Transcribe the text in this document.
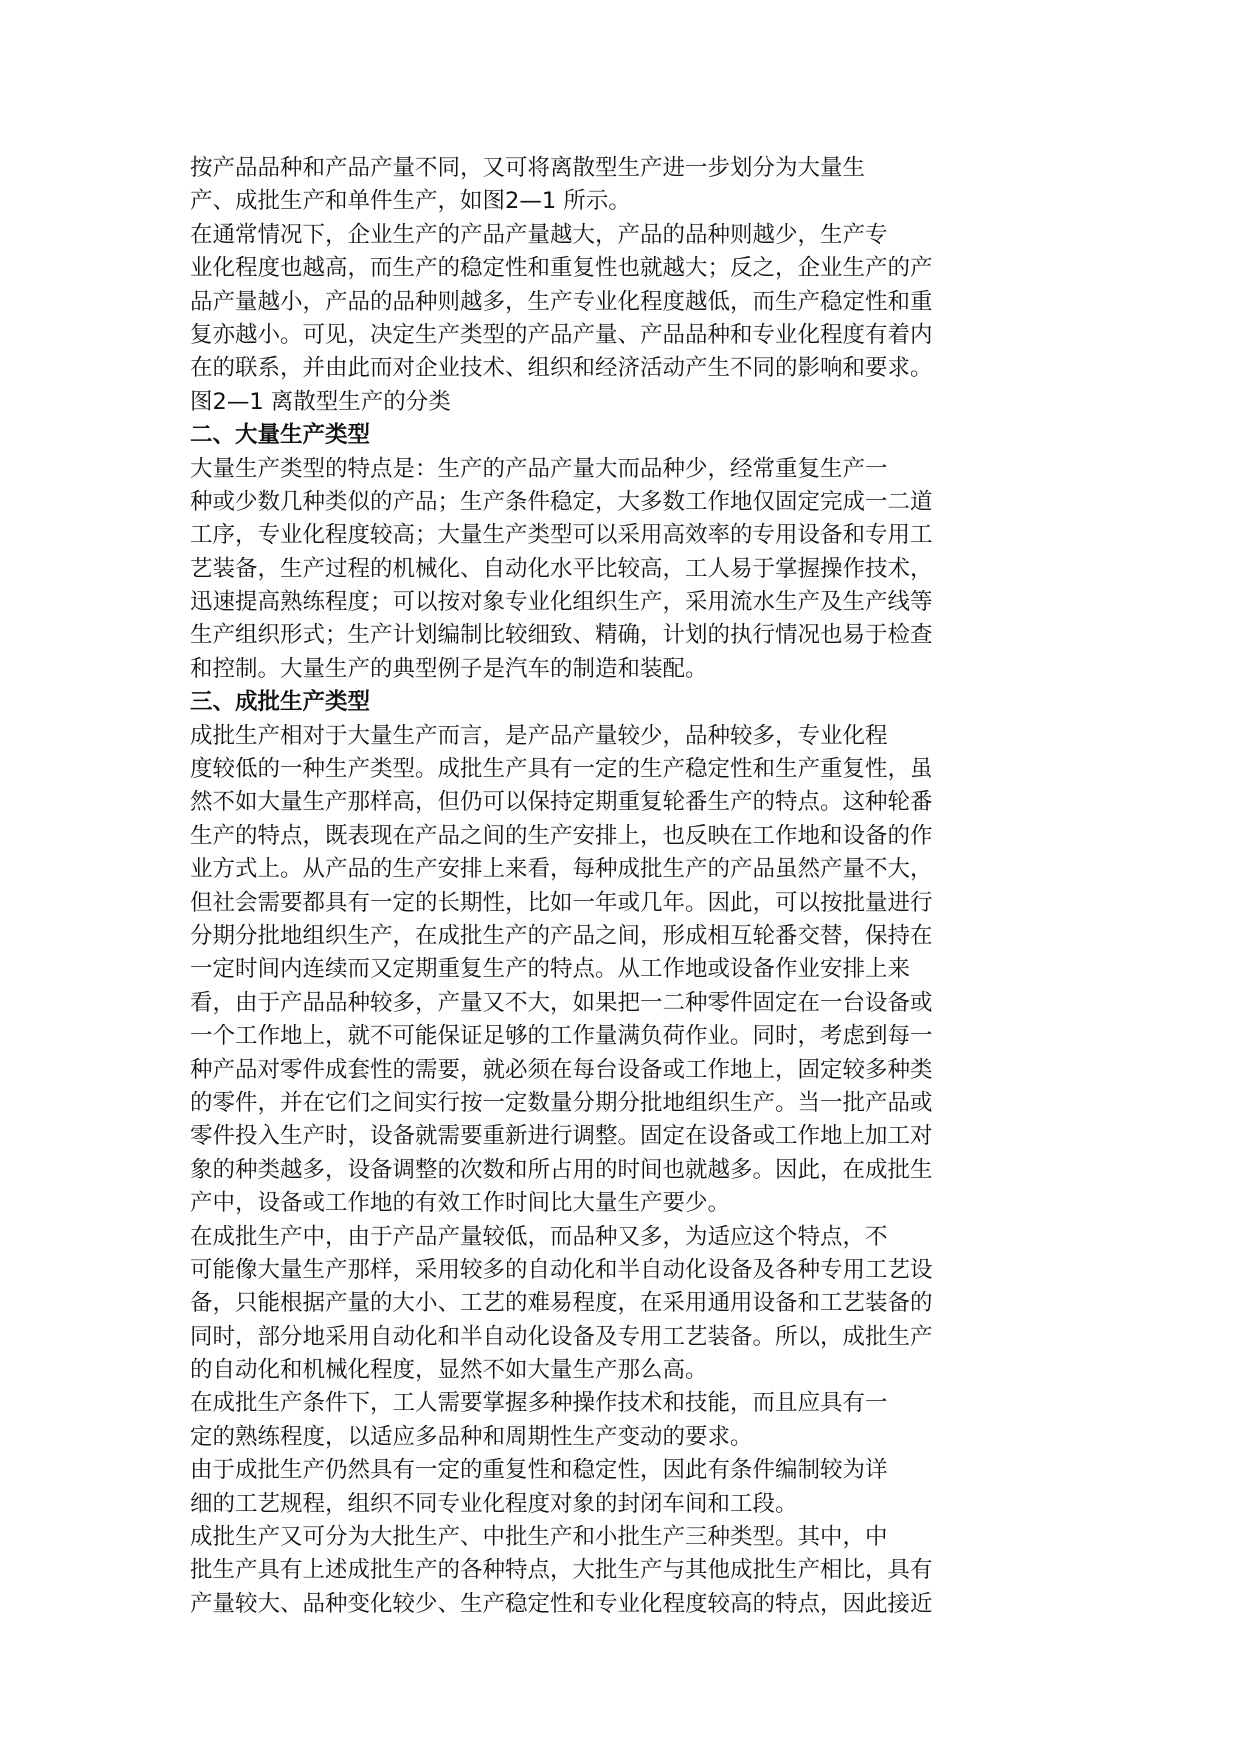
按产品品种和产品产量不同，又可将离散型生产进一步划分为大量生
产、成批生产和单件生产，如图2—1 所示。
在通常情况下，企业生产的产品产量越大，产品的品种则越少，生产专
业化程度也越高，而生产的稳定性和重复性也就越大；反之，企业生产的产
品产量越小，产品的品种则越多，生产专业化程度越低，而生产稳定性和重
复亦越小。可见，决定生产类型的产品产量、产品品种和专业化程度有着内
在的联系，并由此而对企业技术、组织和经济活动产生不同的影响和要求。
图2—1 离散型生产的分类
二、大量生产类型
大量生产类型的特点是：生产的产品产量大而品种少，经常重复生产一
种或少数几种类似的产品；生产条件稳定，大多数工作地仅固定完成一二道
工序，专业化程度较高；大量生产类型可以采用高效率的专用设备和专用工
艺装备，生产过程的机械化、自动化水平比较高，工人易于掌握操作技术，
迅速提高熟练程度；可以按对象专业化组织生产，采用流水生产及生产线等
生产组织形式；生产计划编制比较细致、精确，计划的执行情况也易于检查
和控制。大量生产的典型例子是汽车的制造和装配。
三、成批生产类型
成批生产相对于大量生产而言，是产品产量较少，品种较多，专业化程
度较低的一种生产类型。成批生产具有一定的生产稳定性和生产重复性，虽
然不如大量生产那样高，但仍可以保持定期重复轮番生产的特点。这种轮番
生产的特点，既表现在产品之间的生产安排上，也反映在工作地和设备的作
业方式上。从产品的生产安排上来看，每种成批生产的产品虽然产量不大，
但社会需要都具有一定的长期性，比如一年或几年。因此，可以按批量进行
分期分批地组织生产，在成批生产的产品之间，形成相互轮番交替，保持在
一定时间内连续而又定期重复生产的特点。从工作地或设备作业安排上来
看，由于产品品种较多，产量又不大，如果把一二种零件固定在一台设备或
一个工作地上，就不可能保证足够的工作量满负荷作业。同时，考虑到每一
种产品对零件成套性的需要，就必须在每台设备或工作地上，固定较多种类
的零件，并在它们之间实行按一定数量分期分批地组织生产。当一批产品或
零件投入生产时，设备就需要重新进行调整。固定在设备或工作地上加工对
象的种类越多，设备调整的次数和所占用的时间也就越多。因此，在成批生
产中，设备或工作地的有效工作时间比大量生产要少。
在成批生产中，由于产品产量较低，而品种又多，为适应这个特点，不
可能像大量生产那样，采用较多的自动化和半自动化设备及各种专用工艺设
备，只能根据产量的大小、工艺的难易程度，在采用通用设备和工艺装备的
同时，部分地采用自动化和半自动化设备及专用工艺装备。所以，成批生产
的自动化和机械化程度，显然不如大量生产那么高。
在成批生产条件下，工人需要掌握多种操作技术和技能，而且应具有一
定的熟练程度，以适应多品种和周期性生产变动的要求。
由于成批生产仍然具有一定的重复性和稳定性，因此有条件编制较为详
细的工艺规程，组织不同专业化程度对象的封闭车间和工段。
成批生产又可分为大批生产、中批生产和小批生产三种类型。其中，中
批生产具有上述成批生产的各种特点，大批生产与其他成批生产相比，具有
产量较大、品种变化较少、生产稳定性和专业化程度较高的特点，因此接近
